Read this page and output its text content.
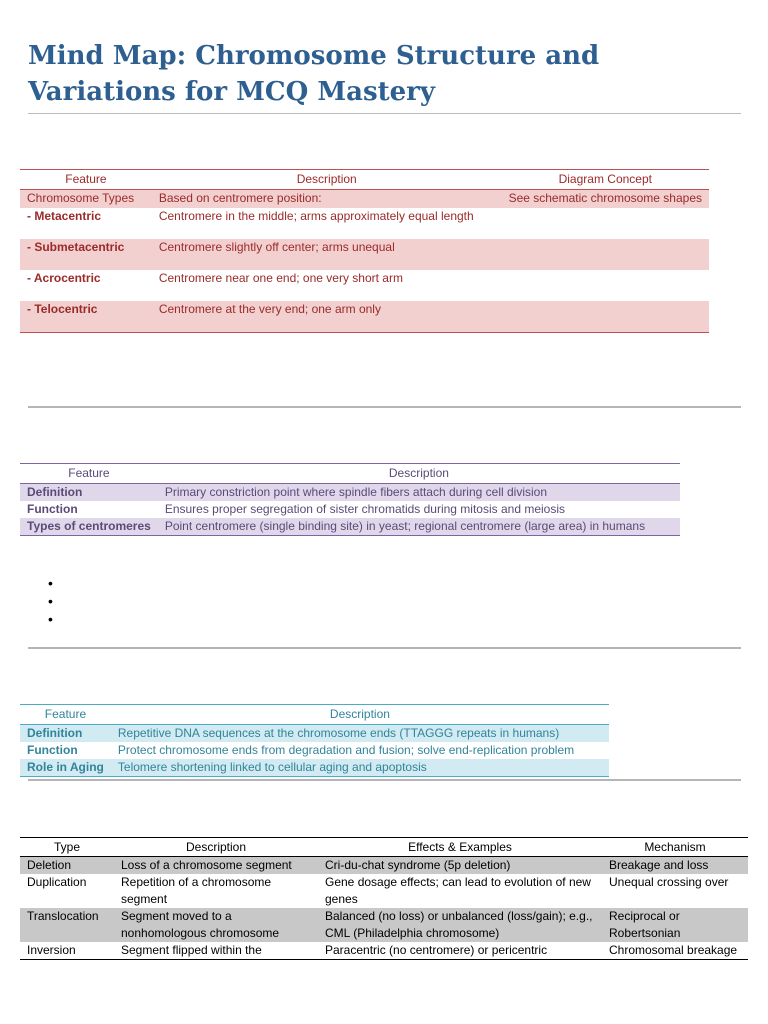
Mind Map: Chromosome Structure and Variations for MCQ Mastery
Feature	Description	Diagram Concept
Chromosome Types	Based on centromere position:	See schematic chromosome shapes
- Metacentric	Centromere in the middle; arms approximately equal length	
- Submetacentric	Centromere slightly off center; arms unequal	
- Acrocentric	Centromere near one end; one very short arm	
- Telocentric	Centromere at the very end; one arm only	
Feature	Description
Definition	Primary constriction point where spindle fibers attach during cell division
Function	Ensures proper segregation of sister chromatids during mitosis and meiosis
Types of centromeres	Point centromere (single binding site) in yeast; regional centromere (large area) in humans
•
•
•
Feature	Description
Definition	Repetitive DNA sequences at the chromosome ends (TTAGGG repeats in humans)
Function	Protect chromosome ends from degradation and fusion; solve end-replication problem
Role in Aging	Telomere shortening linked to cellular aging and apoptosis
Type	Description	Effects & Examples	Mechanism
Deletion	Loss of a chromosome segment	Cri-du-chat syndrome (5p deletion)	Breakage and loss
Duplication	Repetition of a chromosome segment	Gene dosage effects; can lead to evolution of new genes	Unequal crossing over
Translocation	Segment moved to a nonhomologous chromosome	Balanced (no loss) or unbalanced (loss/gain); e.g., CML (Philadelphia chromosome)	Reciprocal or Robertsonian
Inversion	Segment flipped within the	Paracentric (no centromere) or pericentric	Chromosomal breakage
